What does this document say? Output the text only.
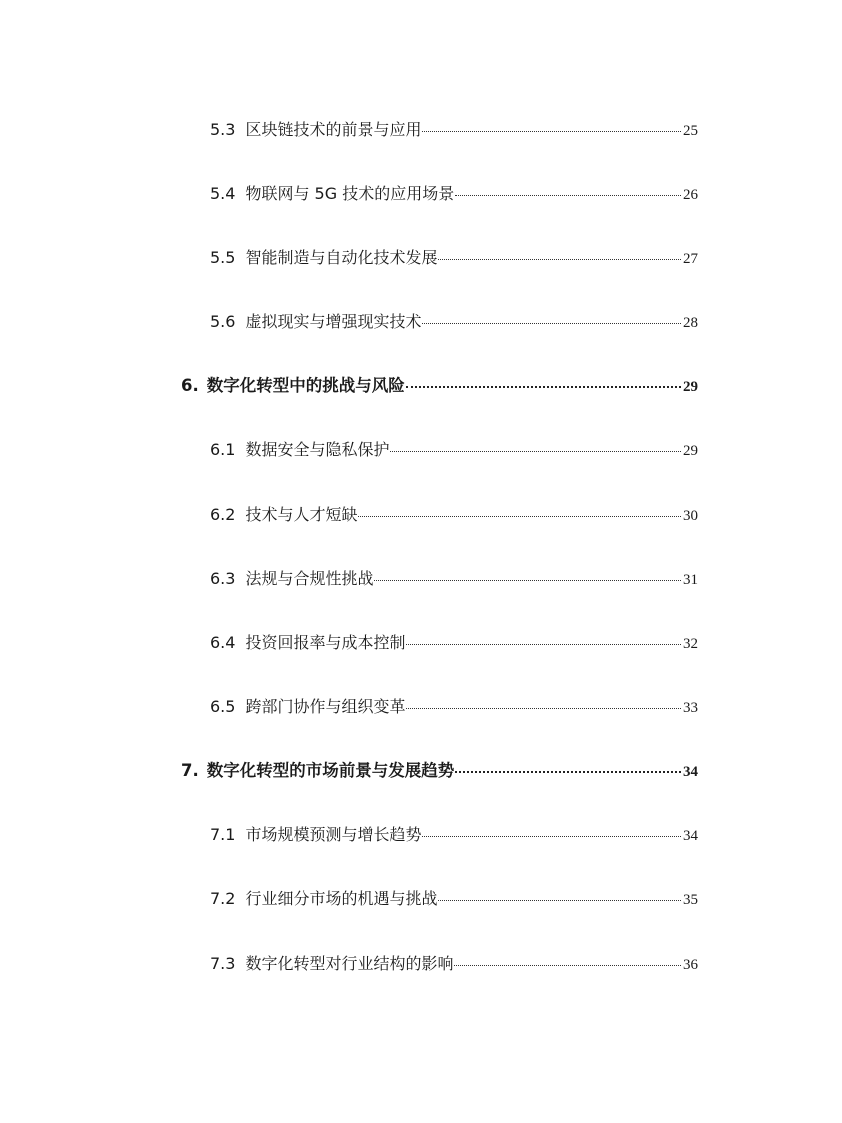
5.3 区块链技术的前景与应用	25
5.4 物联网与 5G 技术的应用场景	26
5.5 智能制造与自动化技术发展	27
5.6 虚拟现实与增强现实技术	28
6. 数字化转型中的挑战与风险	29
6.1 数据安全与隐私保护	29
6.2 技术与人才短缺	30
6.3 法规与合规性挑战	31
6.4 投资回报率与成本控制	32
6.5 跨部门协作与组织变革	33
7. 数字化转型的市场前景与发展趋势	34
7.1 市场规模预测与增长趋势	34
7.2 行业细分市场的机遇与挑战	35
7.3 数字化转型对行业结构的影响	36
